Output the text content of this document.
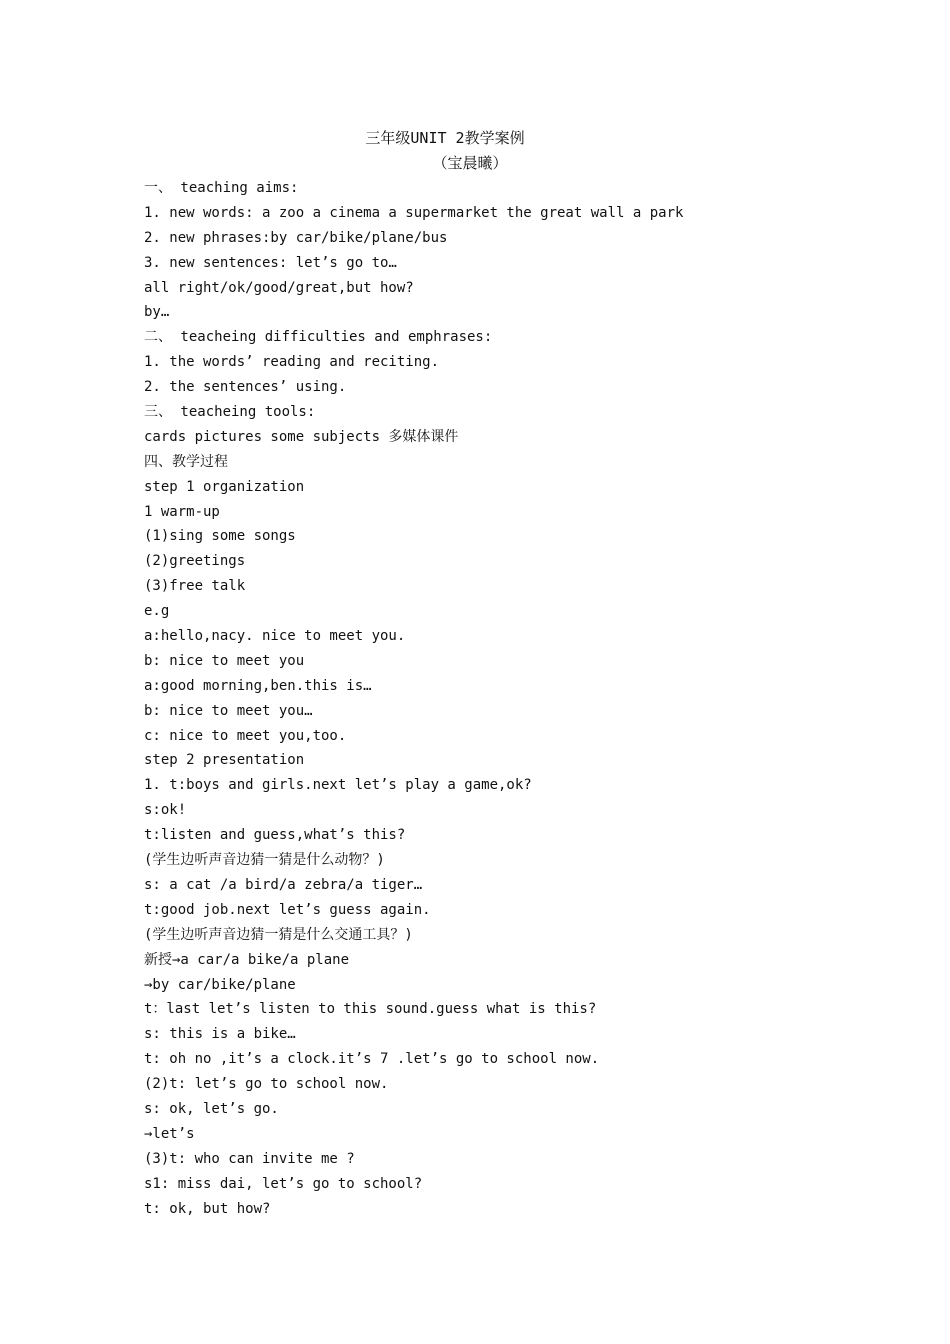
三年级UNIT 2教学案例
（宝晨曦）
一、 teaching aims:
1. new words: a zoo a cinema a supermarket the great wall a park
2. new phrases:by car/bike/plane/bus
3. new sentences: let’s go to…
all right/ok/good/great,but how?
by…
二、 teacheing difficulties and emphrases:
1. the words’ reading and reciting.
2. the sentences’ using.
三、 teacheing tools:
cards pictures some subjects 多媒体课件
四、教学过程
step 1 organization
1 warm-up
(1)sing some songs
(2)greetings
(3)free talk
e.g
a:hello,nacy. nice to meet you.
b: nice to meet you
a:good morning,ben.this is…
b: nice to meet you…
c: nice to meet you,too.
step 2 presentation
1. t:boys and girls.next let’s play a game,ok?
s:ok!
t:listen and guess,what’s this?
(学生边听声音边猜一猜是什么动物？)
s: a cat /a bird/a zebra/a tiger…
t:good job.next let’s guess again.
(学生边听声音边猜一猜是什么交通工具？)
新授→a car/a bike/a plane
→by car/bike/plane
t：last let’s listen to this sound.guess what is this?
s: this is a bike…
t: oh no ,it’s a clock.it’s 7 .let’s go to school now.
(2)t: let’s go to school now.
s: ok, let’s go.
→let’s
(3)t: who can invite me ?
s1: miss dai, let’s go to school?
t: ok, but how?
